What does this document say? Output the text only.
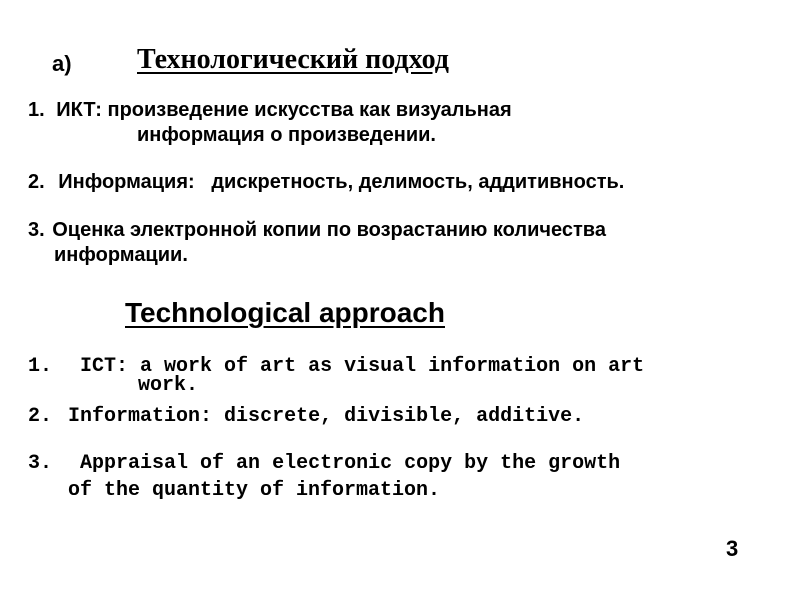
а) Технологический подход
1. ИКТ: произведение искусства как визуальная
информация о произведении.
2. Информация:   дискретность, делимость, аддитивность.
3. Оценка электронной копии по возрастанию количества
информации.
Technological approach
1. ICT: a work of art as visual information on art
work.
2. Information: discrete, divisible, additive.
3. Appraisal of an electronic copy by the growth
of the quantity of information.
3
